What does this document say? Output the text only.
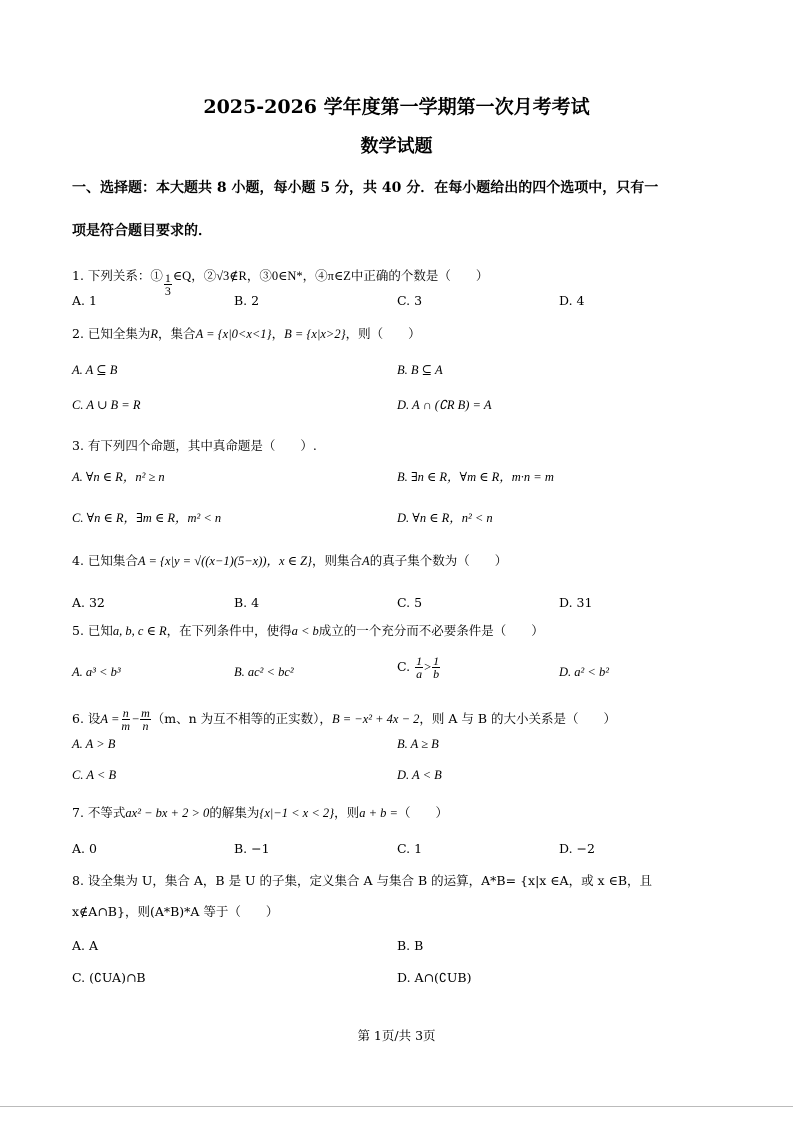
2025-2026 学年度第一学期第一次月考考试
数学试题
一、选择题：本大题共 8 小题，每小题 5 分，共 40 分．在每小题给出的四个选项中，只有一
项是符合题目要求的．
1. 下列关系：① $\frac{1}{3}$ ∈Q，②√3∉R，③0∈N*，④π∈Z中正确的个数是（　　）
A. 1	B. 2	C. 3	D. 4
2. 已知全集为R，集合A = {x|0<x<1}，B = {x|x>2}，则（　　）
A. A ⊆ B	B. B ⊆ A
C. A ∪ B = R	D. A ∩ (∁R B) = A
3. 有下列四个命题，其中真命题是（　　）.
A. ∀n ∈ R，n² ≥ n	B. ∃n ∈ R，∀m ∈ R，m·n = m
C. ∀n ∈ R，∃m ∈ R，m² < n	D. ∀n ∈ R，n² < n
4. 已知集合A = {x|y = √((x−1)(5−x))，x ∈ Z}，则集合A的真子集个数为（　　）
A. 32	B. 4	C. 5	D. 31
5. 已知a, b, c ∈ R，在下列条件中，使得a < b成立的一个充分而不必要条件是（　　）
A. a³ < b³	B. ac² < bc²	C. $\frac{1}{a} > \frac{1}{b}$	D. a² < b²
6. 设$A = \frac{n}{m} - \frac{m}{n} (m$、n 为互不相等的正实数），B = −x² + 4x − 2，则 A 与 B 的大小关系是（　　）
A. A > B	B. A ≥ B
C. A < B	D. A < B
7. 不等式ax² − bx + 2 > 0的解集为{x|−1 < x < 2}，则a + b =（　　）
A. 0	B. −1	C. 1	D. −2
8. 设全集为 U，集合 A，B 是 U 的子集，定义集合 A 与集合 B 的运算，A*B= {x|x ∈A，或 x ∈B，且
x∉A∩B}，则(A*B)*A 等于（　　）
A. A	B. B
C. (∁UA)∩B	D. A∩(∁UB)
第 1页/共 3页
